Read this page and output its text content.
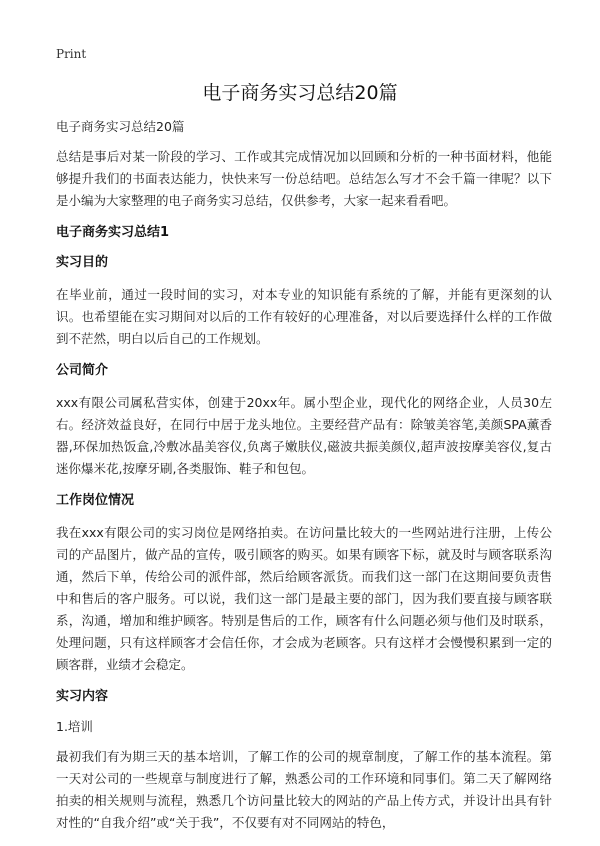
Print
电子商务实习总结20篇
电子商务实习总结20篇

总结是事后对某一阶段的学习、工作或其完成情况加以回顾和分析的一种书面材料，他能够提升我们的书面表达能力，快快来写一份总结吧。总结怎么写才不会千篇一律呢？以下是小编为大家整理的电子商务实习总结，仅供参考，大家一起来看看吧。

电子商务实习总结1
实习目的

在毕业前，通过一段时间的实习，对本专业的知识能有系统的了解，并能有更深刻的认识。也希望能在实习期间对以后的工作有较好的心理准备，对以后要选择什么样的工作做到不茫然，明白以后自己的工作规划。

公司简介

xxx有限公司属私营实体，创建于20xx年。属小型企业，现代化的网络企业，人员30左右。经济效益良好，在同行中居于龙头地位。主要经营产品有：除皱美容笔,美颜SPA薰香器,环保加热饭盒,冷敷冰晶美容仪,负离子嫩肤仪,磁波共振美颜仪,超声波按摩美容仪,复古迷你爆米花,按摩牙刷,各类服饰、鞋子和包包。

工作岗位情况

我在xxx有限公司的实习岗位是网络拍卖。在访问量比较大的一些网站进行注册，上传公司的产品图片，做产品的宣传，吸引顾客的购买。如果有顾客下标，就及时与顾客联系沟通，然后下单，传给公司的派件部，然后给顾客派货。而我们这一部门在这期间要负责售中和售后的客户服务。可以说，我们这一部门是最主要的部门，因为我们要直接与顾客联系，沟通，增加和维护顾客。特别是售后的工作，顾客有什么问题必须与他们及时联系，处理问题，只有这样顾客才会信任你，才会成为老顾客。只有这样才会慢慢积累到一定的顾客群，业绩才会稳定。

实习内容
1.培训

最初我们有为期三天的基本培训，了解工作的公司的规章制度，了解工作的基本流程。第一天对公司的一些规章与制度进行了解，熟悉公司的工作环境和同事们。第二天了解网络拍卖的相关规则与流程，熟悉几个访问量比较大的网站的产品上传方式，并设计出具有针对性的“自我介绍”或“关于我”，不仅要有对不同网站的特色，
